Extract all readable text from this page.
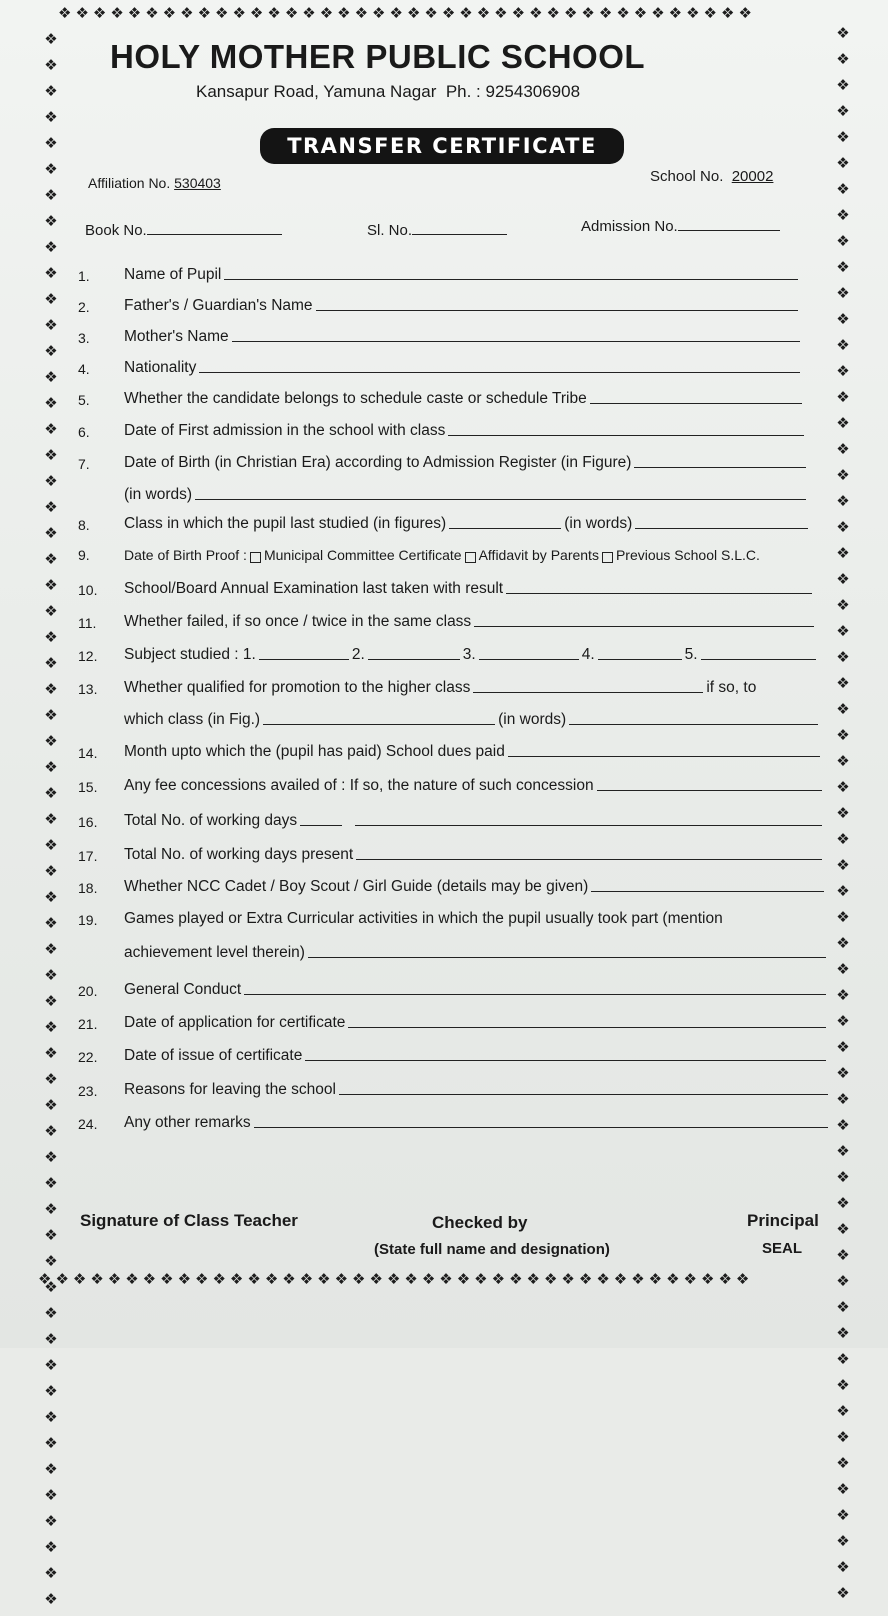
❖❖❖❖❖❖❖❖❖❖❖❖❖❖❖❖❖❖❖❖❖❖❖❖❖❖❖❖❖❖❖❖❖❖❖❖❖❖❖❖
❖❖❖❖❖❖❖❖❖❖❖❖❖❖❖❖❖❖❖❖❖❖❖❖❖❖❖❖❖❖❖❖❖❖❖❖❖❖❖❖❖❖❖❖❖❖❖❖❖❖❖❖❖❖❖❖❖❖❖❖❖	❖❖❖❖❖❖❖❖❖❖❖❖❖❖❖❖❖❖❖❖❖❖❖❖❖❖❖❖❖❖❖❖❖❖❖❖❖❖❖❖❖❖❖❖❖❖❖❖❖❖❖❖❖❖❖❖❖❖❖❖❖
❖❖❖❖❖❖❖❖❖❖❖❖❖❖❖❖❖❖❖❖❖❖❖❖❖❖❖❖❖❖❖❖❖❖❖❖❖❖❖❖❖
HOLY MOTHER PUBLIC SCHOOL
Kansapur Road, Yamuna Nagar Ph. : 9254306908
TRANSFER CERTIFICATE
Affiliation No. 530403	School No. 20002
Book No.	Sl. No.	Admission No.
1.	Name of Pupil
2.	Father's / Guardian's Name
3.	Mother's Name
4.	Nationality
5.	Whether the candidate belongs to schedule caste or schedule Tribe
6.	Date of First admission in the school with class
7.	Date of Birth (in Christian Era) according to Admission Register (in Figure)
(in words)
8.	Class in which the pupil last studied (in figures)	(in words)
9.	Date of Birth Proof : Municipal Committee Certificate Affidavit by Parents Previous School S.L.C.
10.	School/Board Annual Examination last taken with result
11.	Whether failed, if so once / twice in the same class
12.	Subject studied : 1.	2.	3.	4.	5.
13.	Whether qualified for promotion to the higher class	if so, to
which class (in Fig.)	(in words)
14.	Month upto which the (pupil has paid) School dues paid
15.	Any fee concessions availed of : If so, the nature of such concession
16.	Total No. of working days
17.	Total No. of working days present
18.	Whether NCC Cadet / Boy Scout / Girl Guide (details may be given)
19.	Games played or Extra Curricular activities in which the pupil usually took part (mention
achievement level therein)
20.	General Conduct
21.	Date of application for certificate
22.	Date of issue of certificate
23.	Reasons for leaving the school
24.	Any other remarks
Signature of Class Teacher	Checked by
(State full name and designation)
Principal
SEAL
